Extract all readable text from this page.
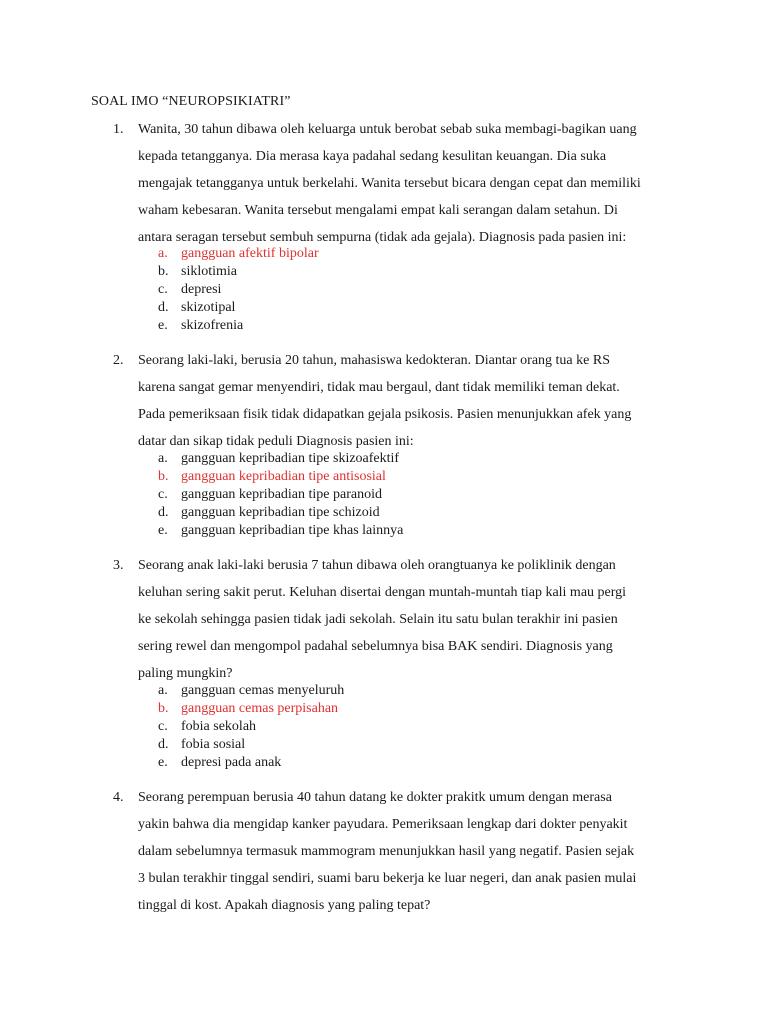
SOAL IMO “NEUROPSIKIATRI”
1. Wanita, 30 tahun dibawa oleh keluarga untuk berobat sebab suka membagi-bagikan uang
kepada tetangganya. Dia merasa kaya padahal sedang kesulitan keuangan. Dia suka
mengajak tetangganya untuk berkelahi. Wanita tersebut bicara dengan cepat dan memiliki
waham kebesaran. Wanita tersebut mengalami empat kali serangan dalam setahun. Di
antara seragan tersebut sembuh sempurna (tidak ada gejala). Diagnosis pada pasien ini:
a. gangguan afektif bipolar
b. siklotimia
c. depresi
d. skizotipal
e. skizofrenia
2. Seorang laki-laki, berusia 20 tahun, mahasiswa kedokteran. Diantar orang tua ke RS
karena sangat gemar menyendiri, tidak mau bergaul, dant tidak memiliki teman dekat.
Pada pemeriksaan fisik tidak didapatkan gejala psikosis. Pasien menunjukkan afek yang
datar dan sikap tidak peduli Diagnosis pasien ini:
a. gangguan kepribadian tipe skizoafektif
b. gangguan kepribadian tipe antisosial
c. gangguan kepribadian tipe paranoid
d. gangguan kepribadian tipe schizoid
e. gangguan kepribadian tipe khas lainnya
3. Seorang anak laki-laki berusia 7 tahun dibawa oleh orangtuanya ke poliklinik dengan
keluhan sering sakit perut. Keluhan disertai dengan muntah-muntah tiap kali mau pergi
ke sekolah sehingga pasien tidak jadi sekolah. Selain itu satu bulan terakhir ini pasien
sering rewel dan mengompol padahal sebelumnya bisa BAK sendiri. Diagnosis yang
paling mungkin?
a. gangguan cemas menyeluruh
b. gangguan cemas perpisahan
c. fobia sekolah
d. fobia sosial
e. depresi pada anak
4. Seorang perempuan berusia 40 tahun datang ke dokter prakitk umum dengan merasa
yakin bahwa dia mengidap kanker payudara. Pemeriksaan lengkap dari dokter penyakit
dalam sebelumnya termasuk mammogram menunjukkan hasil yang negatif. Pasien sejak
3 bulan terakhir tinggal sendiri, suami baru bekerja ke luar negeri, dan anak pasien mulai
tinggal di kost. Apakah diagnosis yang paling tepat?
